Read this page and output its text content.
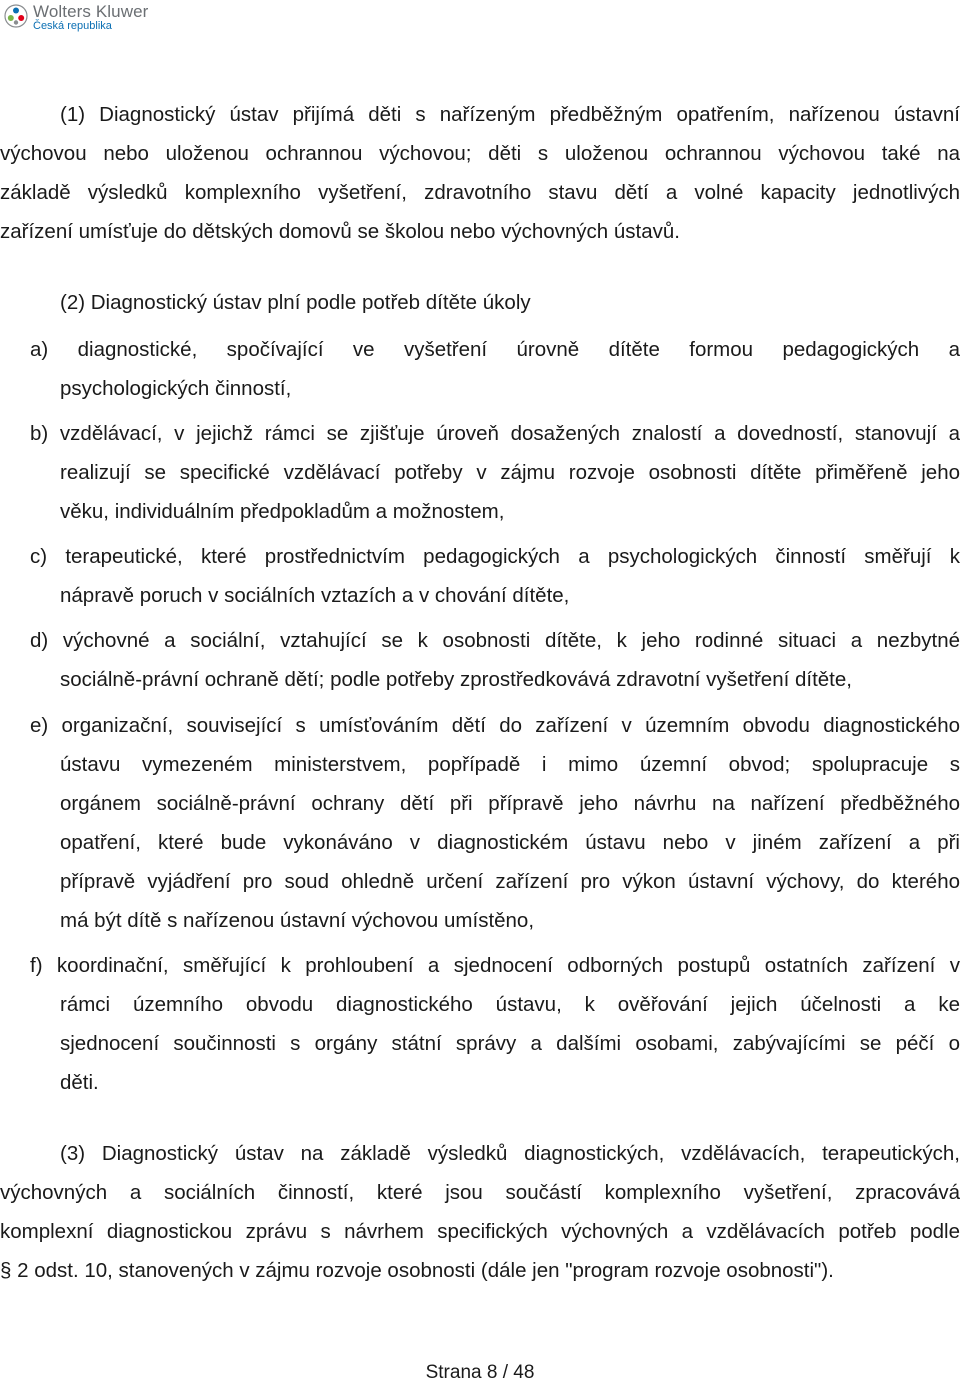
Wolters Kluwer
Česká republika

(1) Diagnostický ústav přijímá děti s nařízeným předběžným opatřením, nařízenou ústavní

výchovou nebo uloženou ochrannou výchovou; děti s uloženou ochrannou výchovou také na

základě výsledků komplexního vyšetření, zdravotního stavu dětí a volné kapacity jednotlivých

zařízení umísťuje do dětských domovů se školou nebo výchovných ústavů.

(2) Diagnostický ústav plní podle potřeb dítěte úkoly

a) diagnostické, spočívající ve vyšetření úrovně dítěte formou pedagogických a

psychologických činností,

b) vzdělávací, v jejichž rámci se zjišťuje úroveň dosažených znalostí a dovedností, stanovují a

realizují se specifické vzdělávací potřeby v zájmu rozvoje osobnosti dítěte přiměřeně jeho

věku, individuálním předpokladům a možnostem,

c) terapeutické, které prostřednictvím pedagogických a psychologických činností směřují k

nápravě poruch v sociálních vztazích a v chování dítěte,

d) výchovné a sociální, vztahující se k osobnosti dítěte, k jeho rodinné situaci a nezbytné

sociálně-právní ochraně dětí; podle potřeby zprostředkovává zdravotní vyšetření dítěte,

e) organizační, související s umísťováním dětí do zařízení v územním obvodu diagnostického

ústavu vymezeném ministerstvem, popřípadě i mimo územní obvod; spolupracuje s

orgánem sociálně-právní ochrany dětí při přípravě jeho návrhu na nařízení předběžného

opatření, které bude vykonáváno v diagnostickém ústavu nebo v jiném zařízení a při

přípravě vyjádření pro soud ohledně určení zařízení pro výkon ústavní výchovy, do kterého

má být dítě s nařízenou ústavní výchovou umístěno,

f) koordinační, směřující k prohloubení a sjednocení odborných postupů ostatních zařízení v

rámci územního obvodu diagnostického ústavu, k ověřování jejich účelnosti a ke

sjednocení součinnosti s orgány státní správy a dalšími osobami, zabývajícími se péčí o

děti.

(3) Diagnostický ústav na základě výsledků diagnostických, vzdělávacích, terapeutických,

výchovných a sociálních činností, které jsou součástí komplexního vyšetření, zpracovává

komplexní diagnostickou zprávu s návrhem specifických výchovných a vzdělávacích potřeb podle

§ 2 odst. 10, stanovených v zájmu rozvoje osobnosti (dále jen "program rozvoje osobnosti").

Strana 8 / 48
